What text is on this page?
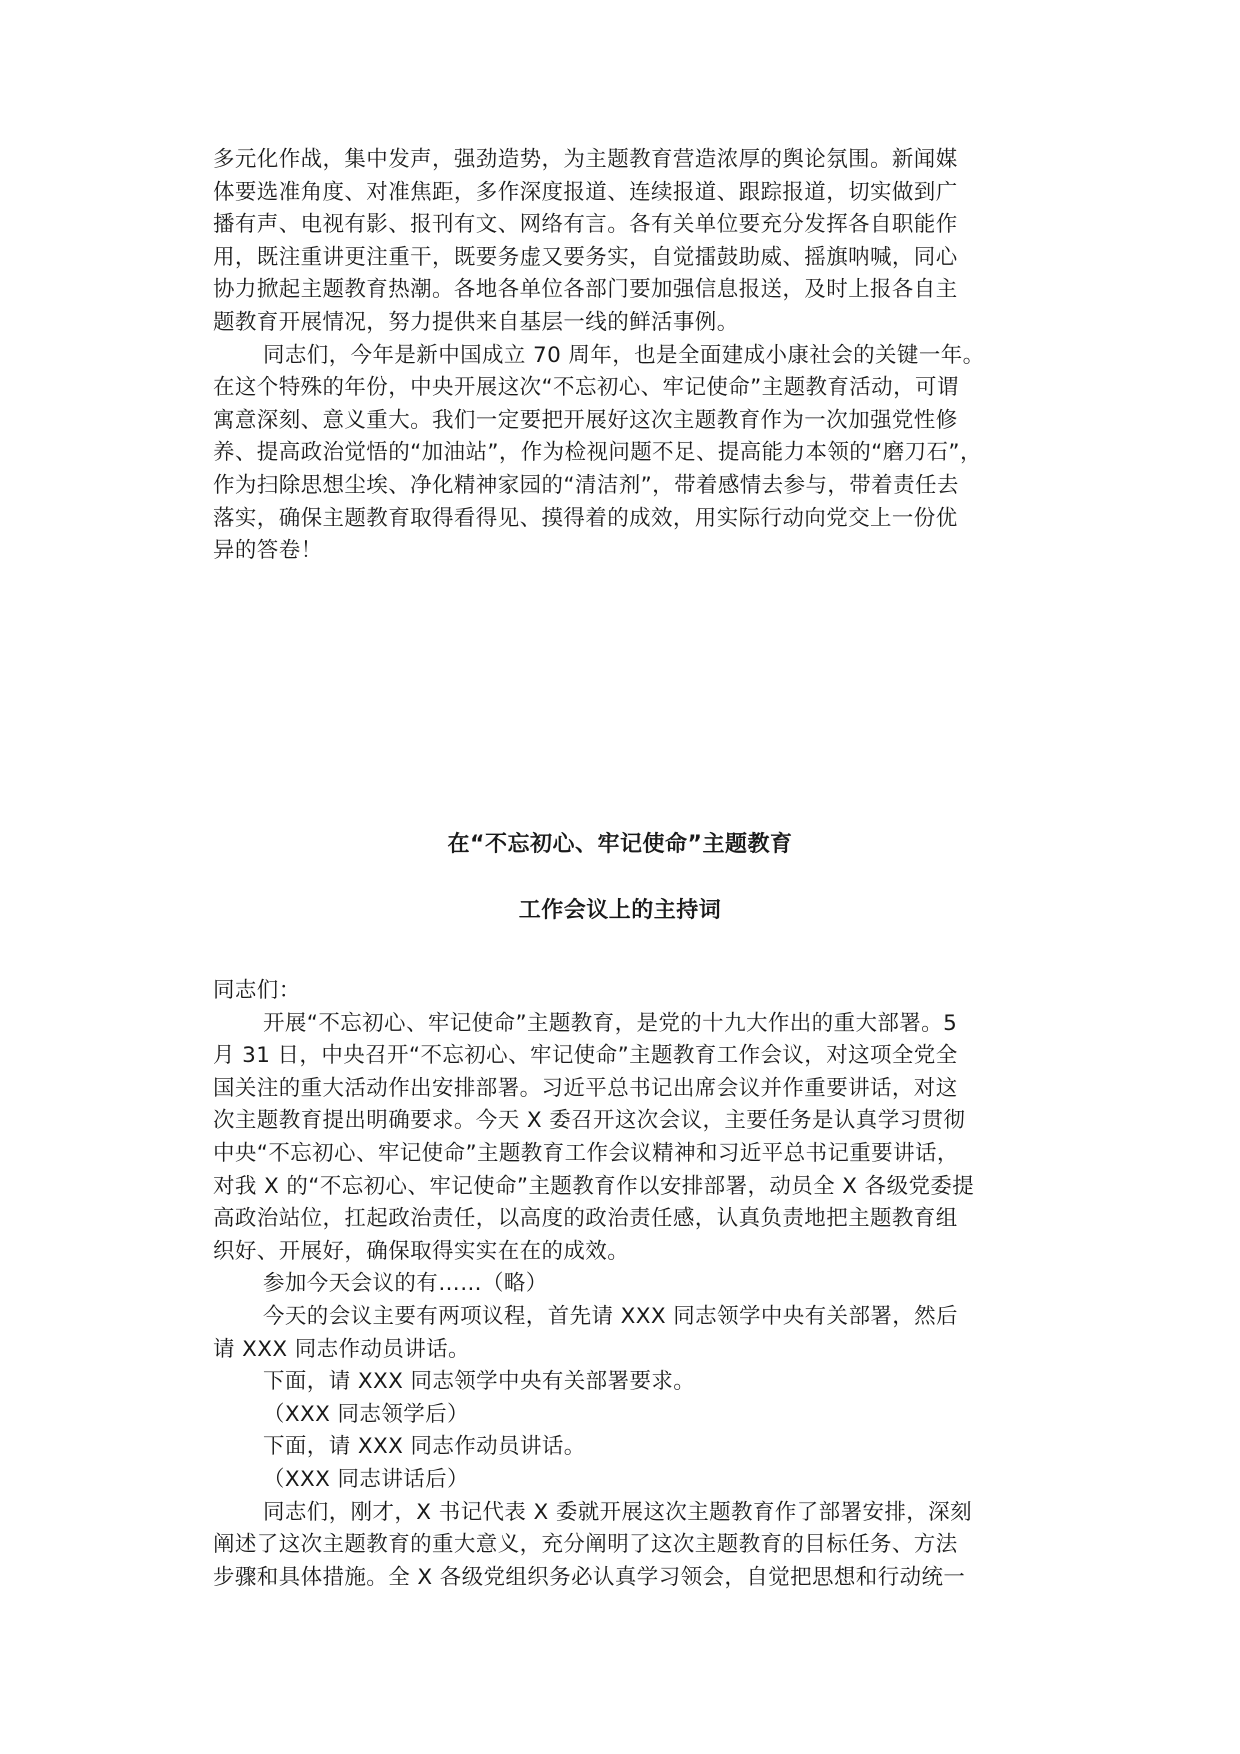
多元化作战，集中发声，强劲造势，为主题教育营造浓厚的舆论氛围。新闻媒
体要选准角度、对准焦距，多作深度报道、连续报道、跟踪报道，切实做到广
播有声、电视有影、报刊有文、网络有言。各有关单位要充分发挥各自职能作
用，既注重讲更注重干，既要务虚又要务实，自觉擂鼓助威、摇旗呐喊，同心
协力掀起主题教育热潮。各地各单位各部门要加强信息报送，及时上报各自主
题教育开展情况，努力提供来自基层一线的鲜活事例。
同志们，今年是新中国成立 70 周年，也是全面建成小康社会的关键一年。
在这个特殊的年份，中央开展这次“不忘初心、牢记使命”主题教育活动，可谓
寓意深刻、意义重大。我们一定要把开展好这次主题教育作为一次加强党性修
养、提高政治觉悟的“加油站”，作为检视问题不足、提高能力本领的“磨刀石”，
作为扫除思想尘埃、净化精神家园的“清洁剂”，带着感情去参与，带着责任去
落实，确保主题教育取得看得见、摸得着的成效，用实际行动向党交上一份优
异的答卷！
在“不忘初心、牢记使命”主题教育
工作会议上的主持词
同志们：
开展“不忘初心、牢记使命”主题教育，是党的十九大作出的重大部署。5
月 31 日，中央召开“不忘初心、牢记使命”主题教育工作会议，对这项全党全
国关注的重大活动作出安排部署。习近平总书记出席会议并作重要讲话，对这
次主题教育提出明确要求。今天 X 委召开这次会议，主要任务是认真学习贯彻
中央“不忘初心、牢记使命”主题教育工作会议精神和习近平总书记重要讲话，
对我 X 的“不忘初心、牢记使命”主题教育作以安排部署，动员全 X 各级党委提
高政治站位，扛起政治责任，以高度的政治责任感，认真负责地把主题教育组
织好、开展好，确保取得实实在在的成效。
参加今天会议的有……（略）
今天的会议主要有两项议程，首先请 XXX 同志领学中央有关部署，然后
请 XXX 同志作动员讲话。
下面，请 XXX 同志领学中央有关部署要求。
（XXX 同志领学后）
下面，请 XXX 同志作动员讲话。
（XXX 同志讲话后）
同志们，刚才，X 书记代表 X 委就开展这次主题教育作了部署安排，深刻
阐述了这次主题教育的重大意义，充分阐明了这次主题教育的目标任务、方法
步骤和具体措施。全 X 各级党组织务必认真学习领会，自觉把思想和行动统一
